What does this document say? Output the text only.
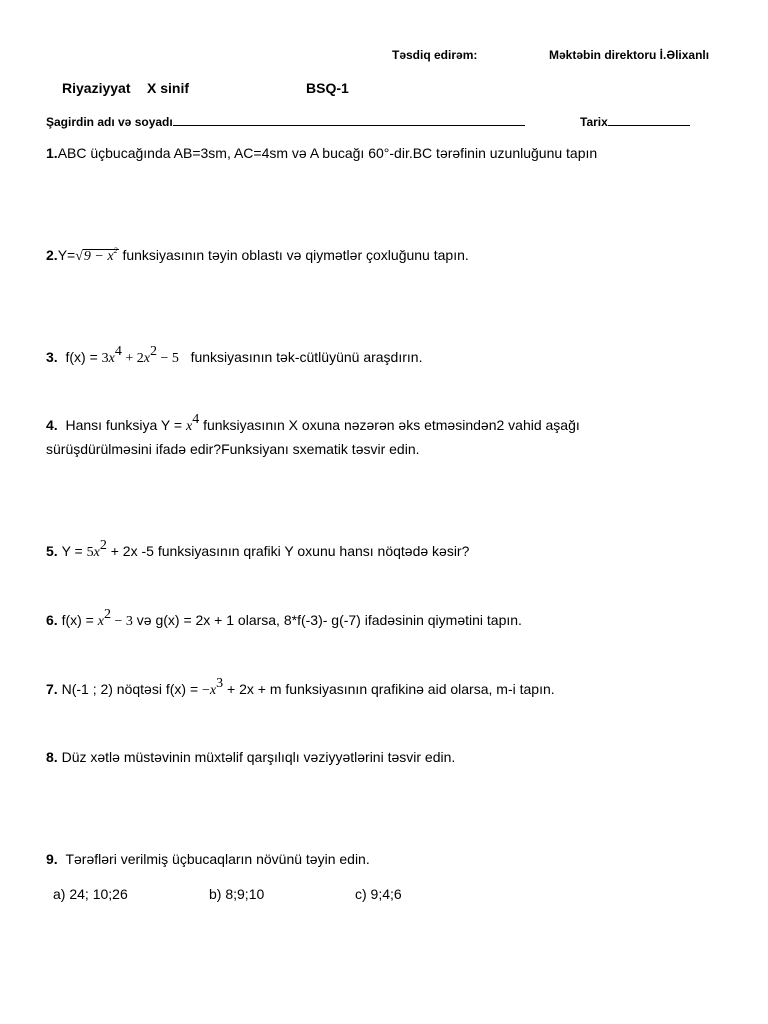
Təsdiq edirəm:	Məktəbin direktoru İ.Əlixanlı
Riyaziyyat X sinif	BSQ-1
Şagirdin adı və soyadı	Tarix
1.ABC üçbucağında AB=3sm, AC=4sm və A bucağı 60°-dir.BC tərəfinin uzunluğunu tapın
$2.Y=√9 - x^2$ funksiyasının təyin oblastı və qiymətlər çoxluğunu tapın.
3. $f(x) = 3x^4 + 2x^2 - 5$ funksiyasının tək-cütlüyünü araşdırın.
4. Hansı funksiya $Y = x^4$ funksiyasının X oxuna nəzərən əks etməsindən2 vahid aşağı
sürüşdürülməsini ifadə edir?Funksiyanı sxematik təsvir edin.
5. $Y = 5x^2 + 2x$ -5 funksiyasının qrafiki Y oxunu hansı nöqtədə kəsir?
6. $f(x) = x^2 - 3$ və g(x) = 2x + 1 olarsa, 8*f(-3)- g(-7) ifadəsinin qiymətini tapın.
7. N(-1 ; 2) nöqtəsi $f(x) = -x^3 + 2x + m$ funksiyasının qrafikinə aid olarsa, m-i tapın.
8. Düz xətlə müstəvinin müxtəlif qarşılıqlı vəziyyətlərini təsvir edin.
9. Tərəfləri verilmiş üçbucaqların növünü təyin edin.
a) 24; 10;26	b) 8;9;10	c) 9;4;6
